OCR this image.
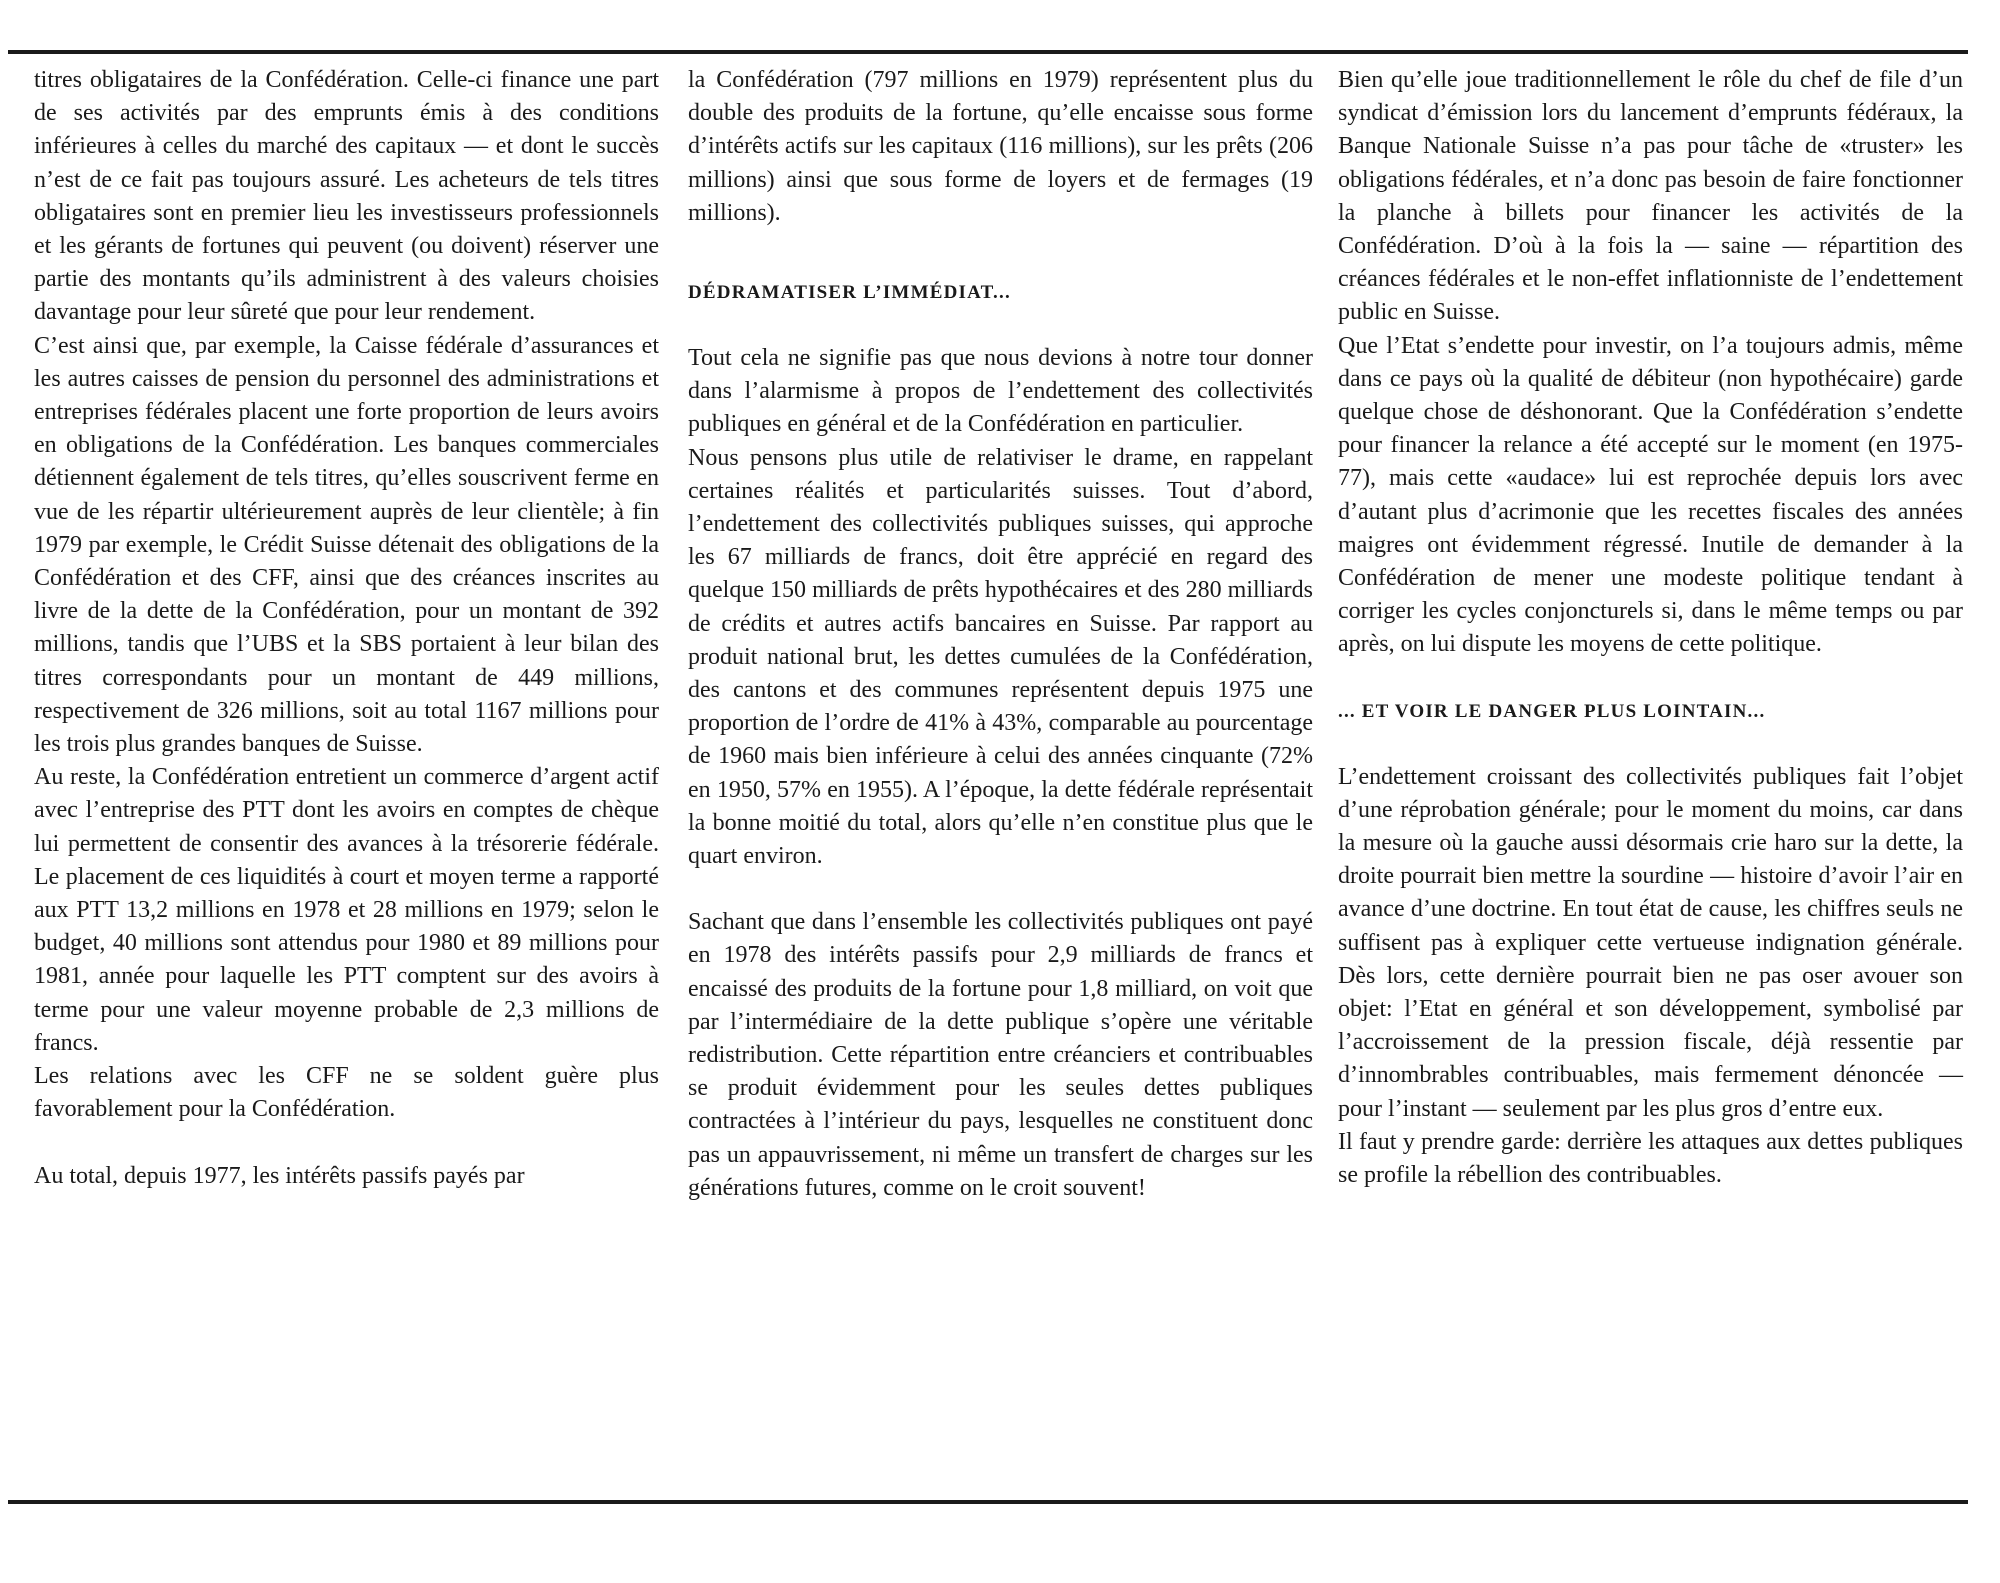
titres obligataires de la Confédération. Celle-ci finance une part de ses activités par des emprunts émis à des conditions inférieures à celles du marché des capitaux — et dont le succès n’est de ce fait pas toujours assuré. Les acheteurs de tels titres obligataires sont en premier lieu les investisseurs professionnels et les gérants de fortunes qui peuvent (ou doivent) réserver une partie des montants qu’ils administrent à des valeurs choisies davantage pour leur sûreté que pour leur rendement.

C’est ainsi que, par exemple, la Caisse fédérale d’assurances et les autres caisses de pension du personnel des administrations et entreprises fédérales placent une forte proportion de leurs avoirs en obligations de la Confédération. Les banques commerciales détiennent également de tels titres, qu’elles souscrivent ferme en vue de les répartir ultérieurement auprès de leur clientèle; à fin 1979 par exemple, le Crédit Suisse détenait des obligations de la Confédération et des CFF, ainsi que des créances inscrites au livre de la dette de la Confédération, pour un montant de 392 millions, tandis que l’UBS et la SBS portaient à leur bilan des titres correspondants pour un montant de 449 millions, respectivement de 326 millions, soit au total 1167 millions pour les trois plus grandes banques de Suisse.

Au reste, la Confédération entretient un commerce d’argent actif avec l’entreprise des PTT dont les avoirs en comptes de chèque lui permettent de consentir des avances à la trésorerie fédérale. Le placement de ces liquidités à court et moyen terme a rapporté aux PTT 13,2 millions en 1978 et 28 millions en 1979; selon le budget, 40 millions sont attendus pour 1980 et 89 millions pour 1981, année pour laquelle les PTT comptent sur des avoirs à terme pour une valeur moyenne probable de 2,3 millions de francs.

Les relations avec les CFF ne se soldent guère plus favorablement pour la Confédération.

Au total, depuis 1977, les intérêts passifs payés par

la Confédération (797 millions en 1979) représentent plus du double des produits de la fortune, qu’elle encaisse sous forme d’intérêts actifs sur les capitaux (116 millions), sur les prêts (206 millions) ainsi que sous forme de loyers et de fermages (19 millions).

DÉDRAMATISER L’IMMÉDIAT...

Tout cela ne signifie pas que nous devions à notre tour donner dans l’alarmisme à propos de l’endettement des collectivités publiques en général et de la Confédération en particulier.

Nous pensons plus utile de relativiser le drame, en rappelant certaines réalités et particularités suisses. Tout d’abord, l’endettement des collectivités publiques suisses, qui approche les 67 milliards de francs, doit être apprécié en regard des quelque 150 milliards de prêts hypothécaires et des 280 milliards de crédits et autres actifs bancaires en Suisse. Par rapport au produit national brut, les dettes cumulées de la Confédération, des cantons et des communes représentent depuis 1975 une proportion de l’ordre de 41% à 43%, comparable au pourcentage de 1960 mais bien inférieure à celui des années cinquante (72% en 1950, 57% en 1955). A l’époque, la dette fédérale représentait la bonne moitié du total, alors qu’elle n’en constitue plus que le quart environ.

Sachant que dans l’ensemble les collectivités publiques ont payé en 1978 des intérêts passifs pour 2,9 milliards de francs et encaissé des produits de la fortune pour 1,8 milliard, on voit que par l’intermédiaire de la dette publique s’opère une véritable redistribution. Cette répartition entre créanciers et contribuables se produit évidemment pour les seules dettes publiques contractées à l’intérieur du pays, lesquelles ne constituent donc pas un appauvrissement, ni même un transfert de charges sur les générations futures, comme on le croit souvent!

Bien qu’elle joue traditionnellement le rôle du chef de file d’un syndicat d’émission lors du lancement d’emprunts fédéraux, la Banque Nationale Suisse n’a pas pour tâche de «truster» les obligations fédérales, et n’a donc pas besoin de faire fonctionner la planche à billets pour financer les activités de la Confédération. D’où à la fois la — saine — répartition des créances fédérales et le non-effet inflationniste de l’endettement public en Suisse.

Que l’Etat s’endette pour investir, on l’a toujours admis, même dans ce pays où la qualité de débiteur (non hypothécaire) garde quelque chose de déshonorant. Que la Confédération s’endette pour financer la relance a été accepté sur le moment (en 1975-77), mais cette «audace» lui est reprochée depuis lors avec d’autant plus d’acrimonie que les recettes fiscales des années maigres ont évidemment régressé. Inutile de demander à la Confédération de mener une modeste politique tendant à corriger les cycles conjoncturels si, dans le même temps ou par après, on lui dispute les moyens de cette politique.

... ET VOIR LE DANGER PLUS LOINTAIN...

L’endettement croissant des collectivités publiques fait l’objet d’une réprobation générale; pour le moment du moins, car dans la mesure où la gauche aussi désormais crie haro sur la dette, la droite pourrait bien mettre la sourdine — histoire d’avoir l’air en avance d’une doctrine. En tout état de cause, les chiffres seuls ne suffisent pas à expliquer cette vertueuse indignation générale. Dès lors, cette dernière pourrait bien ne pas oser avouer son objet: l’Etat en général et son développement, symbolisé par l’accroissement de la pression fiscale, déjà ressentie par d’innombrables contribuables, mais fermement dénoncée — pour l’instant — seulement par les plus gros d’entre eux.

Il faut y prendre garde: derrière les attaques aux dettes publiques se profile la rébellion des contribuables.
